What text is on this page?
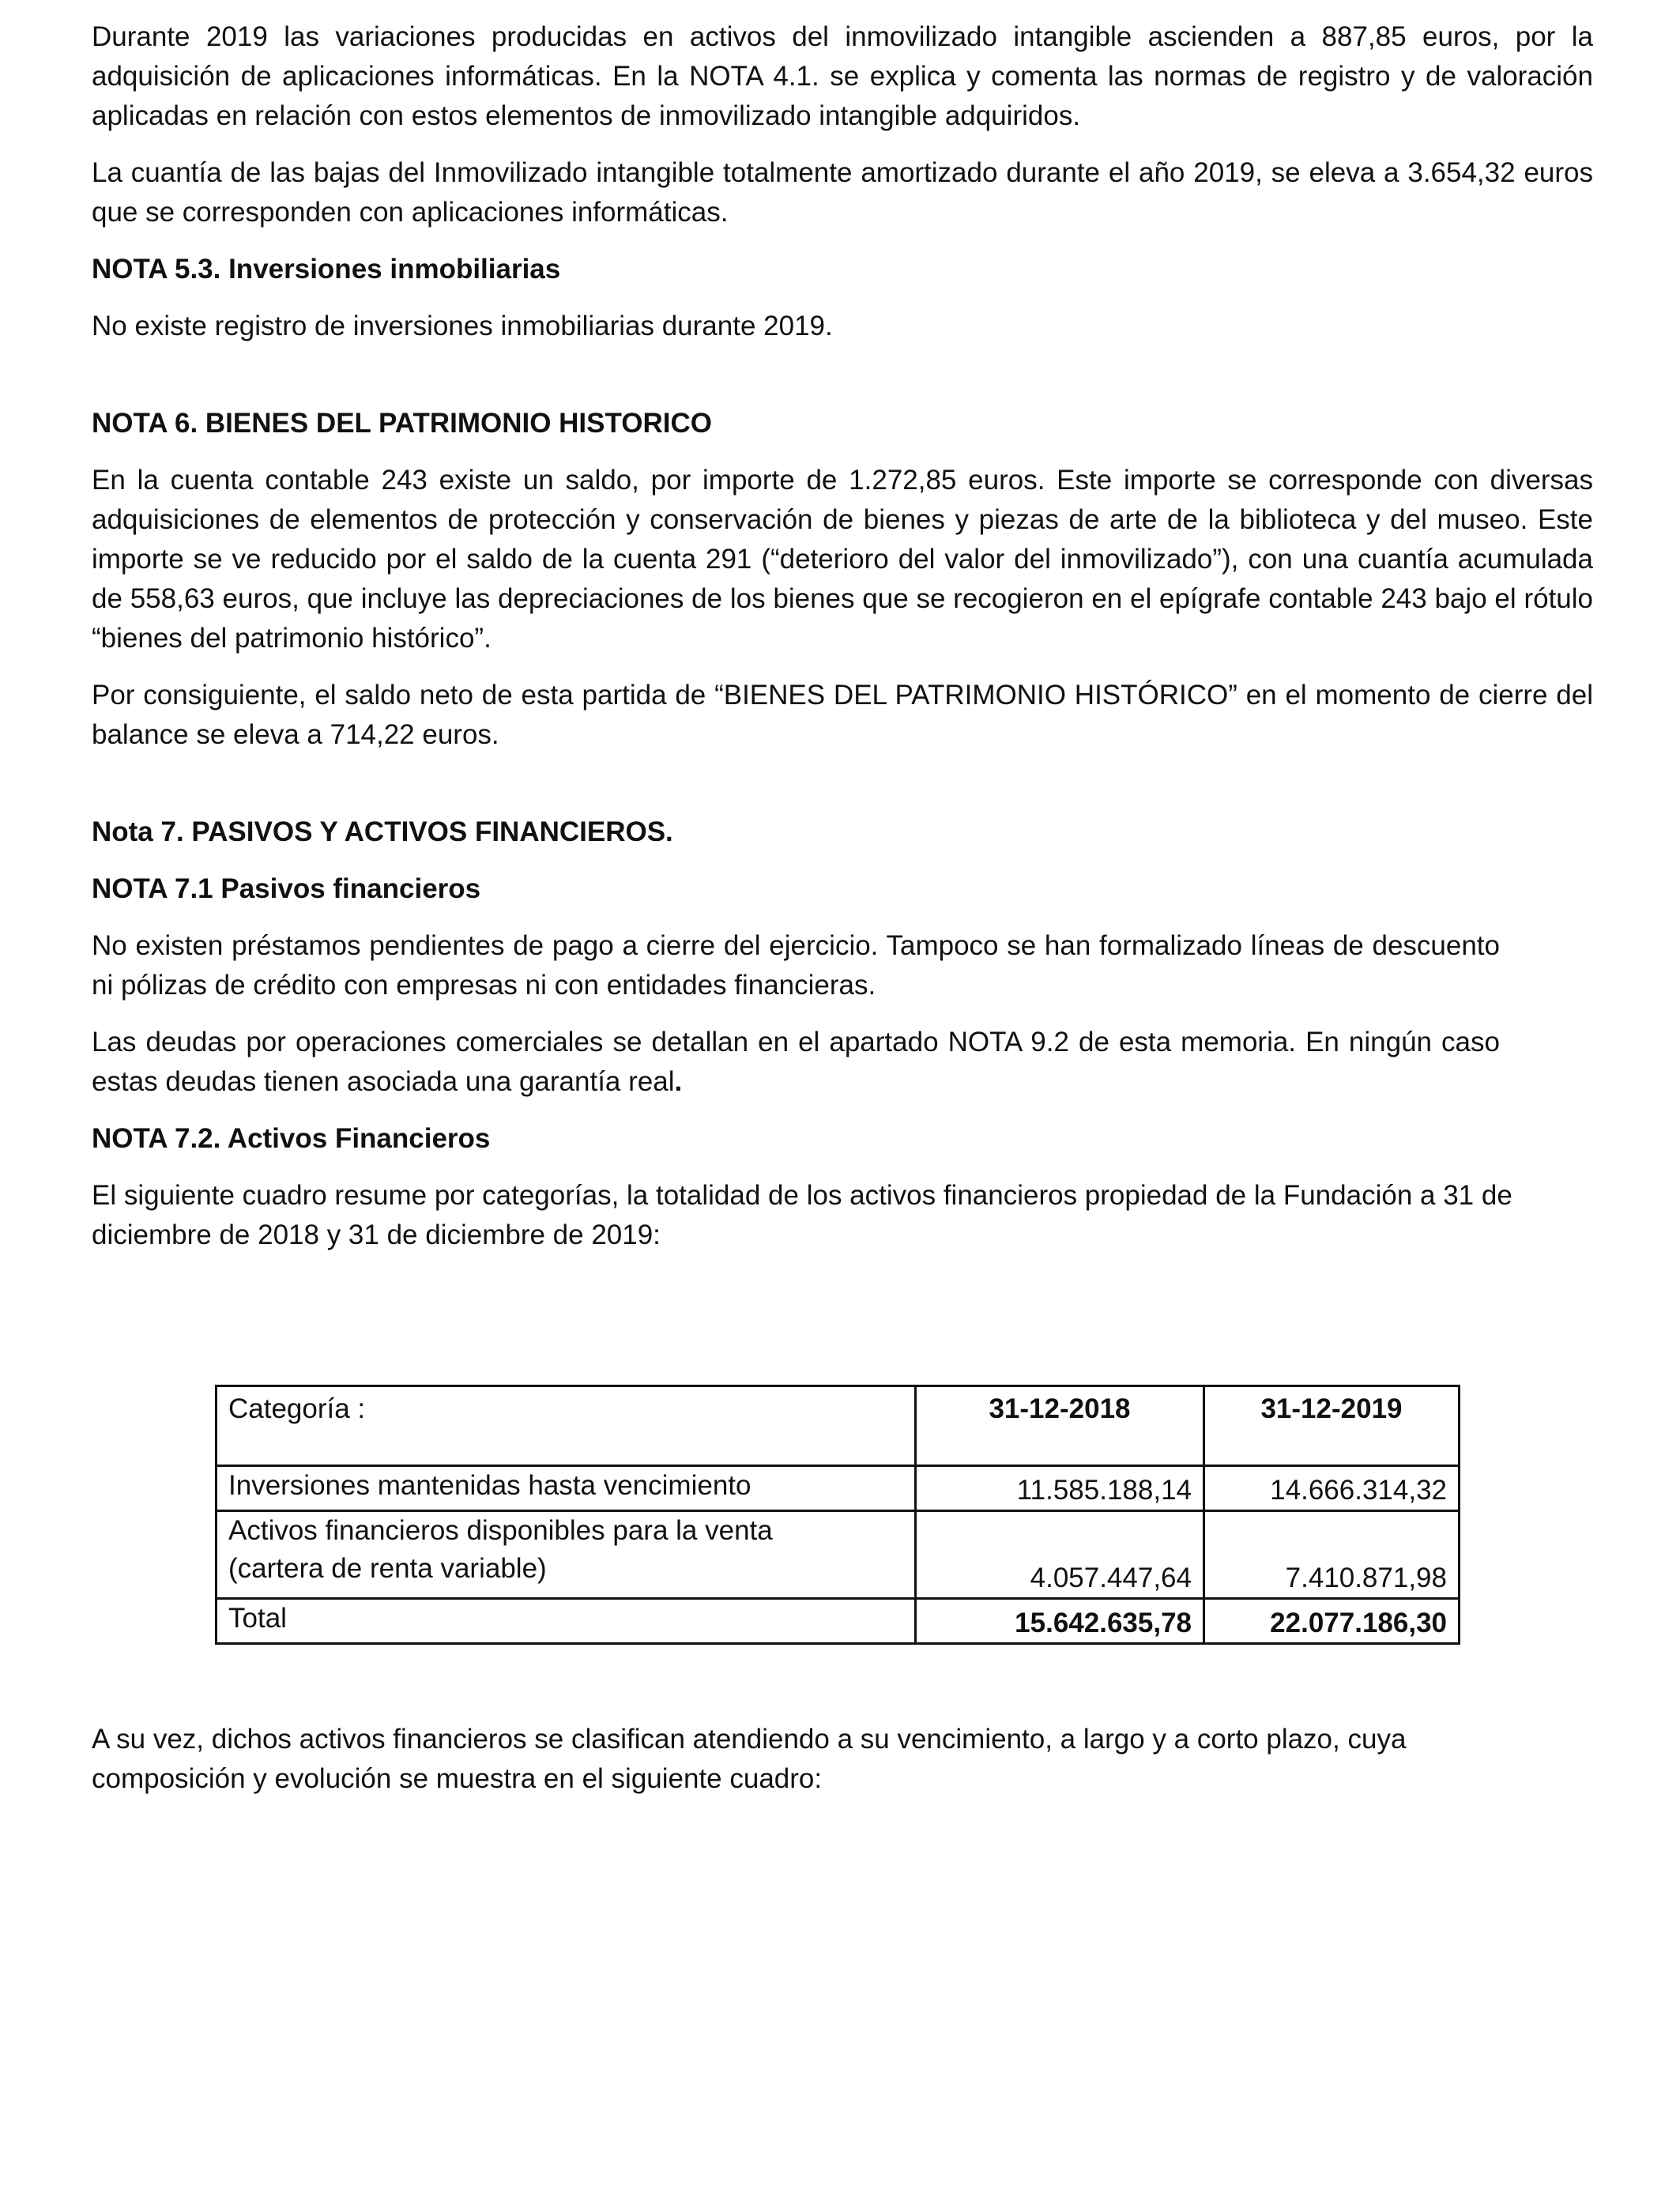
Durante 2019 las variaciones producidas en activos del inmovilizado intangible ascienden a 887,85 euros, por la adquisición de aplicaciones informáticas. En la NOTA 4.1. se explica y comenta las normas de registro y de valoración aplicadas en relación con estos elementos de inmovilizado intangible adquiridos.

La cuantía de las bajas del Inmovilizado intangible totalmente amortizado durante el año 2019, se eleva a 3.654,32 euros que se corresponden con aplicaciones informáticas.

NOTA 5.3. Inversiones inmobiliarias

No existe registro de inversiones inmobiliarias durante 2019.

NOTA 6. BIENES DEL PATRIMONIO HISTORICO

En la cuenta contable 243 existe un saldo, por importe de 1.272,85 euros. Este importe se corresponde con diversas adquisiciones de elementos de protección y conservación de bienes y piezas de arte de la biblioteca y del museo. Este importe se ve reducido por el saldo de la cuenta 291 (“deterioro del valor del inmovilizado”), con una cuantía acumulada de 558,63 euros, que incluye las depreciaciones de los bienes que se recogieron en el epígrafe contable 243 bajo el rótulo “bienes del patrimonio histórico”.

Por consiguiente, el saldo neto de esta partida de “BIENES DEL PATRIMONIO HISTÓRICO” en el momento de cierre del balance se eleva a 714,22 euros.

Nota 7. PASIVOS Y ACTIVOS FINANCIEROS.

NOTA 7.1 Pasivos financieros

No existen préstamos pendientes de pago a cierre del ejercicio. Tampoco se han formalizado líneas de descuento ni pólizas de crédito con empresas ni con entidades financieras.

Las deudas por operaciones comerciales se detallan en el apartado NOTA 9.2 de esta memoria. En ningún caso estas deudas tienen asociada una garantía real.

NOTA 7.2. Activos Financieros

El siguiente cuadro resume por categorías, la totalidad de los activos financieros propiedad de la Fundación a 31 de diciembre de 2018 y 31 de diciembre de 2019:

Categoría :	31-12-2018	31-12-2019
Inversiones mantenidas hasta vencimiento	11.585.188,14	14.666.314,32

Activos financieros disponibles para la venta
(cartera de renta variable)	4.057.447,64	7.410.871,98
Total	15.642.635,78	22.077.186,30

A su vez, dichos activos financieros se clasifican atendiendo a su vencimiento, a largo y a corto plazo, cuya composición y evolución se muestra en el siguiente cuadro:
